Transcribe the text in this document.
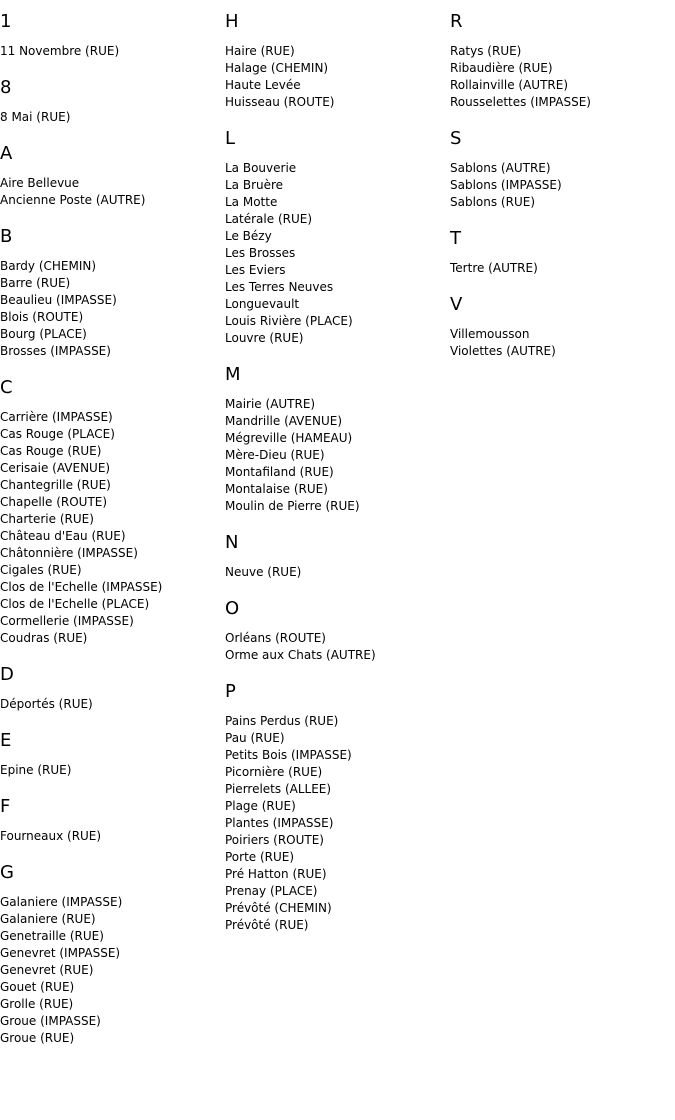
1
11 Novembre (RUE)
8
8 Mai (RUE)
A
Aire Bellevue
Ancienne Poste (AUTRE)
B
Bardy (CHEMIN)
Barre (RUE)
Beaulieu (IMPASSE)
Blois (ROUTE)
Bourg (PLACE)
Brosses (IMPASSE)
C
Carrière (IMPASSE)
Cas Rouge (PLACE)
Cas Rouge (RUE)
Cerisaie (AVENUE)
Chantegrille (RUE)
Chapelle (ROUTE)
Charterie (RUE)
Château d'Eau (RUE)
Châtonnière (IMPASSE)
Cigales (RUE)
Clos de l'Echelle (IMPASSE)
Clos de l'Echelle (PLACE)
Cormellerie (IMPASSE)
Coudras (RUE)
D
Déportés (RUE)
E
Epine (RUE)
F
Fourneaux (RUE)
G
Galaniere (IMPASSE)
Galaniere (RUE)
Genetraille (RUE)
Genevret (IMPASSE)
Genevret (RUE)
Gouet (RUE)
Grolle (RUE)
Groue (IMPASSE)
Groue (RUE)
H
Haire (RUE)
Halage (CHEMIN)
Haute Levée
Huisseau (ROUTE)
L
La Bouverie
La Bruère
La Motte
Latérale (RUE)
Le Bézy
Les Brosses
Les Eviers
Les Terres Neuves
Longuevault
Louis Rivière (PLACE)
Louvre (RUE)
M
Mairie (AUTRE)
Mandrille (AVENUE)
Mégreville (HAMEAU)
Mère-Dieu (RUE)
Montafiland (RUE)
Montalaise (RUE)
Moulin de Pierre (RUE)
N
Neuve (RUE)
O
Orléans (ROUTE)
Orme aux Chats (AUTRE)
P
Pains Perdus (RUE)
Pau (RUE)
Petits Bois (IMPASSE)
Picornière (RUE)
Pierrelets (ALLEE)
Plage (RUE)
Plantes (IMPASSE)
Poiriers (ROUTE)
Porte (RUE)
Pré Hatton (RUE)
Prenay (PLACE)
Prévôté (CHEMIN)
Prévôté (RUE)
R
Ratys (RUE)
Ribaudière (RUE)
Rollainville (AUTRE)
Rousselettes (IMPASSE)
S
Sablons (AUTRE)
Sablons (IMPASSE)
Sablons (RUE)
T
Tertre (AUTRE)
V
Villemousson
Violettes (AUTRE)
